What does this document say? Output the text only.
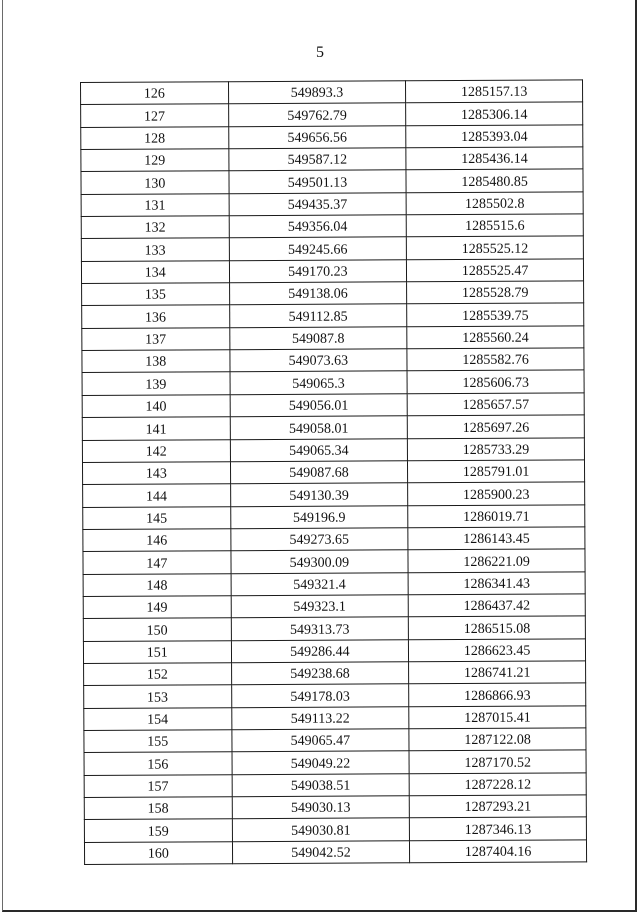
5
126	549893.3	1285157.13
127	549762.79	1285306.14
128	549656.56	1285393.04
129	549587.12	1285436.14
130	549501.13	1285480.85
131	549435.37	1285502.8
132	549356.04	1285515.6
133	549245.66	1285525.12
134	549170.23	1285525.47
135	549138.06	1285528.79
136	549112.85	1285539.75
137	549087.8	1285560.24
138	549073.63	1285582.76
139	549065.3	1285606.73
140	549056.01	1285657.57
141	549058.01	1285697.26
142	549065.34	1285733.29
143	549087.68	1285791.01
144	549130.39	1285900.23
145	549196.9	1286019.71
146	549273.65	1286143.45
147	549300.09	1286221.09
148	549321.4	1286341.43
149	549323.1	1286437.42
150	549313.73	1286515.08
151	549286.44	1286623.45
152	549238.68	1286741.21
153	549178.03	1286866.93
154	549113.22	1287015.41
155	549065.47	1287122.08
156	549049.22	1287170.52
157	549038.51	1287228.12
158	549030.13	1287293.21
159	549030.81	1287346.13
160	549042.52	1287404.16
